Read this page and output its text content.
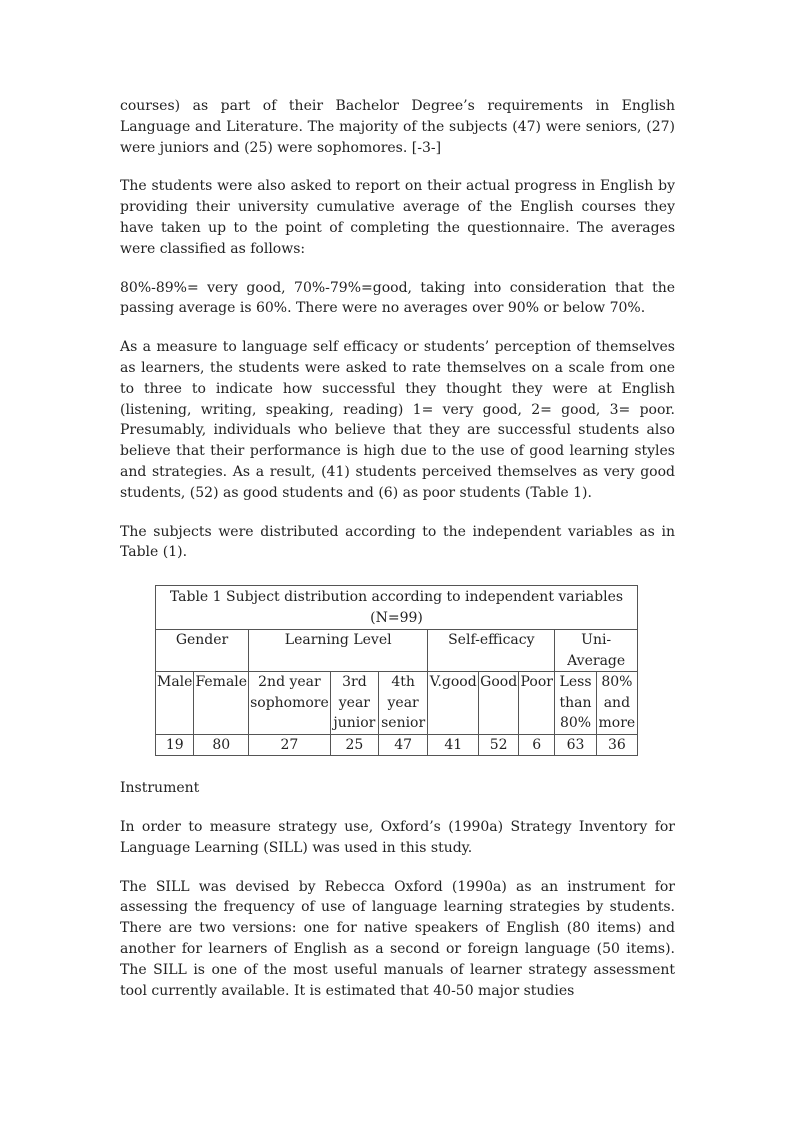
courses) as part of their Bachelor Degree’s requirements in English Language and Literature. The majority of the subjects (47) were seniors, (27) were juniors and (25) were sophomores. [-3-]

The students were also asked to report on their actual progress in English by providing their university cumulative average of the English courses they have taken up to the point of completing the questionnaire. The averages were classified as follows:

80%-89%= very good, 70%-79%=good, taking into consideration that the passing average is 60%. There were no averages over 90% or below 70%.

As a measure to language self efficacy or students’ perception of themselves as learners, the students were asked to rate themselves on a scale from one to three to indicate how successful they thought they were at English (listening, writing, speaking, reading) 1= very good, 2= good, 3= poor. Presumably, individuals who believe that they are successful students also believe that their performance is high due to the use of good learning styles and strategies. As a result, (41) students perceived themselves as very good students, (52) as good students and (6) as poor students (Table 1).

The subjects were distributed according to the independent variables as in Table (1).

Table 1 Subject distribution according to independent variables (N=99)									
Gender		Learning Level			Self-efficacy			Uni-Average	
Male	Female	2nd year sophomore	3rd year junior	4th year senior	V.good	Good	Poor	Less than 80%	80% and more
19	80	27	25	47	41	52	6	63	36

Instrument

In order to measure strategy use, Oxford’s (1990a) Strategy Inventory for Language Learning (SILL) was used in this study.

The SILL was devised by Rebecca Oxford (1990a) as an instrument for assessing the frequency of use of language learning strategies by students. There are two versions: one for native speakers of English (80 items) and another for learners of English as a second or foreign language (50 items). The SILL is one of the most useful manuals of learner strategy assessment tool currently available. It is estimated that 40-50 major studies
